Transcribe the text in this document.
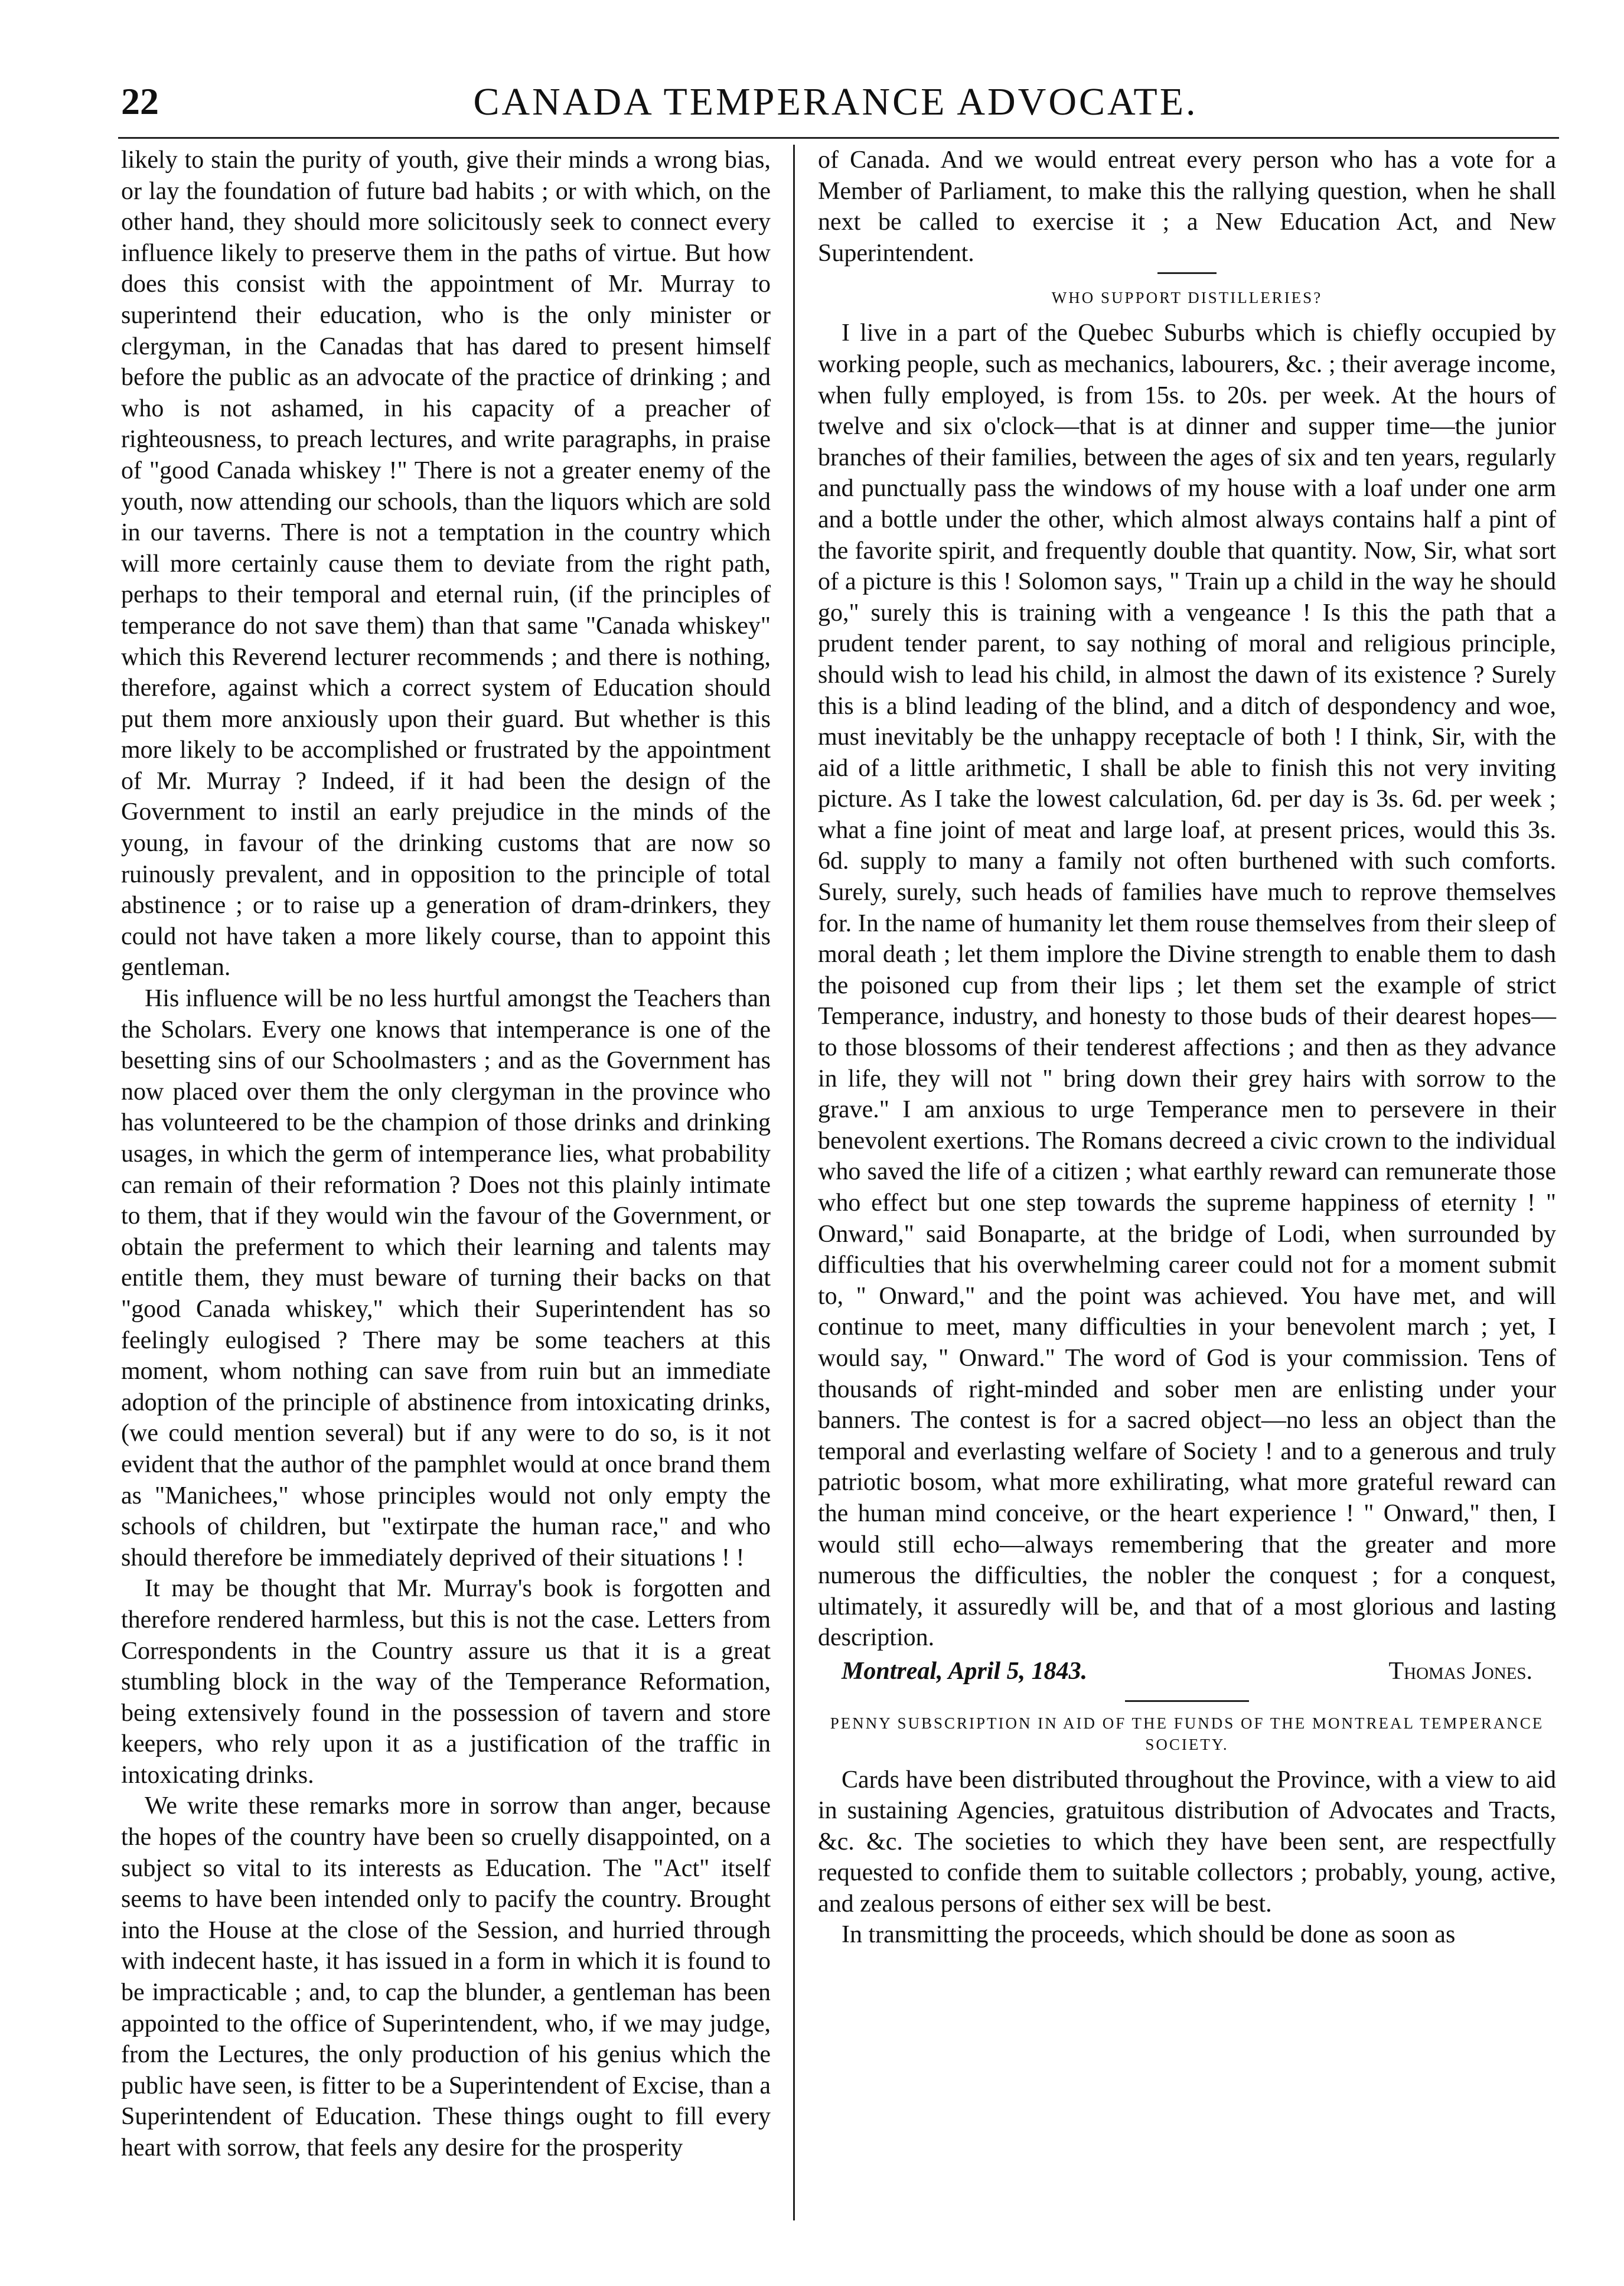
CANADA TEMPERANCE ADVOCATE.
22

likely to stain the purity of youth, give their minds a wrong bias, or lay the foundation of future bad habits ; or with which, on the other hand, they should more solicitously seek to connect every influence likely to preserve them in the paths of virtue. But how does this consist with the appointment of Mr. Murray to superintend their education, who is the only minister or clergyman, in the Canadas that has dared to present himself before the public as an advocate of the practice of drinking ; and who is not ashamed, in his capacity of a preacher of righteousness, to preach lectures, and write paragraphs, in praise of "good Canada whiskey !" There is not a greater enemy of the youth, now attending our schools, than the liquors which are sold in our taverns. There is not a temptation in the country which will more certainly cause them to deviate from the right path, perhaps to their temporal and eternal ruin, (if the principles of temperance do not save them) than that same "Canada whiskey" which this Reverend lecturer recommends ; and there is nothing, therefore, against which a correct system of Education should put them more anxiously upon their guard. But whether is this more likely to be accomplished or frustrated by the appointment of Mr. Murray ? Indeed, if it had been the design of the Government to instil an early prejudice in the minds of the young, in favour of the drinking customs that are now so ruinously prevalent, and in opposition to the principle of total abstinence ; or to raise up a generation of dram-drinkers, they could not have taken a more likely course, than to appoint this gentleman.

His influence will be no less hurtful amongst the Teachers than the Scholars. Every one knows that intemperance is one of the besetting sins of our Schoolmasters ; and as the Government has now placed over them the only clergyman in the province who has volunteered to be the champion of those drinks and drinking usages, in which the germ of intemperance lies, what probability can remain of their reformation ? Does not this plainly intimate to them, that if they would win the favour of the Government, or obtain the preferment to which their learning and talents may entitle them, they must beware of turning their backs on that "good Canada whiskey," which their Superintendent has so feelingly eulogised ? There may be some teachers at this moment, whom nothing can save from ruin but an immediate adoption of the principle of abstinence from intoxicating drinks, (we could mention several) but if any were to do so, is it not evident that the author of the pamphlet would at once brand them as "Manichees," whose principles would not only empty the schools of children, but "extirpate the human race," and who should therefore be immediately deprived of their situations ! !

It may be thought that Mr. Murray's book is forgotten and therefore rendered harmless, but this is not the case. Letters from Correspondents in the Country assure us that it is a great stumbling block in the way of the Temperance Reformation, being extensively found in the possession of tavern and store keepers, who rely upon it as a justification of the traffic in intoxicating drinks.

We write these remarks more in sorrow than anger, because the hopes of the country have been so cruelly disappointed, on a subject so vital to its interests as Education. The "Act" itself seems to have been intended only to pacify the country. Brought into the House at the close of the Session, and hurried through with indecent haste, it has issued in a form in which it is found to be impracticable ; and, to cap the blunder, a gentleman has been appointed to the office of Superintendent, who, if we may judge, from the Lectures, the only production of his genius which the public have seen, is fitter to be a Superintendent of Excise, than a Superintendent of Education. These things ought to fill every heart with sorrow, that feels any desire for the prosperity

of Canada. And we would entreat every person who has a vote for a Member of Parliament, to make this the rallying question, when he shall next be called to exercise it ; a New Education Act, and New Superintendent.

WHO SUPPORT DISTILLERIES?

I live in a part of the Quebec Suburbs which is chiefly occupied by working people, such as mechanics, labourers, &c. ; their average income, when fully employed, is from 15s. to 20s. per week. At the hours of twelve and six o'clock—that is at dinner and supper time—the junior branches of their families, between the ages of six and ten years, regularly and punctually pass the windows of my house with a loaf under one arm and a bottle under the other, which almost always contains half a pint of the favorite spirit, and frequently double that quantity. Now, Sir, what sort of a picture is this ! Solomon says, " Train up a child in the way he should go," surely this is training with a vengeance ! Is this the path that a prudent tender parent, to say nothing of moral and religious principle, should wish to lead his child, in almost the dawn of its existence ? Surely this is a blind leading of the blind, and a ditch of despondency and woe, must inevitably be the unhappy receptacle of both ! I think, Sir, with the aid of a little arithmetic, I shall be able to finish this not very inviting picture. As I take the lowest calculation, 6d. per day is 3s. 6d. per week ; what a fine joint of meat and large loaf, at present prices, would this 3s. 6d. supply to many a family not often burthened with such comforts. Surely, surely, such heads of families have much to reprove themselves for. In the name of humanity let them rouse themselves from their sleep of moral death ; let them implore the Divine strength to enable them to dash the poisoned cup from their lips ; let them set the example of strict Temperance, industry, and honesty to those buds of their dearest hopes—to those blossoms of their tenderest affections ; and then as they advance in life, they will not " bring down their grey hairs with sorrow to the grave." I am anxious to urge Temperance men to persevere in their benevolent exertions. The Romans decreed a civic crown to the individual who saved the life of a citizen ; what earthly reward can remunerate those who effect but one step towards the supreme happiness of eternity ! " Onward," said Bonaparte, at the bridge of Lodi, when surrounded by difficulties that his overwhelming career could not for a moment submit to, " Onward," and the point was achieved. You have met, and will continue to meet, many difficulties in your benevolent march ; yet, I would say, " Onward." The word of God is your commission. Tens of thousands of right-minded and sober men are enlisting under your banners. The contest is for a sacred object—no less an object than the temporal and everlasting welfare of Society ! and to a generous and truly patriotic bosom, what more exhilirating, what more grateful reward can the human mind conceive, or the heart experience ! " Onward," then, I would still echo—always remembering that the greater and more numerous the difficulties, the nobler the conquest ; for a conquest, ultimately, it assuredly will be, and that of a most glorious and lasting description.

Montreal, April 5, 1843.	Thomas Jones.
PENNY SUBSCRIPTION IN AID OF THE FUNDS OF THE MONTREAL TEMPERANCE SOCIETY.

Cards have been distributed throughout the Province, with a view to aid in sustaining Agencies, gratuitous distribution of Advocates and Tracts, &c. &c. The societies to which they have been sent, are respectfully requested to confide them to suitable collectors ; probably, young, active, and zealous persons of either sex will be best.

In transmitting the proceeds, which should be done as soon as
